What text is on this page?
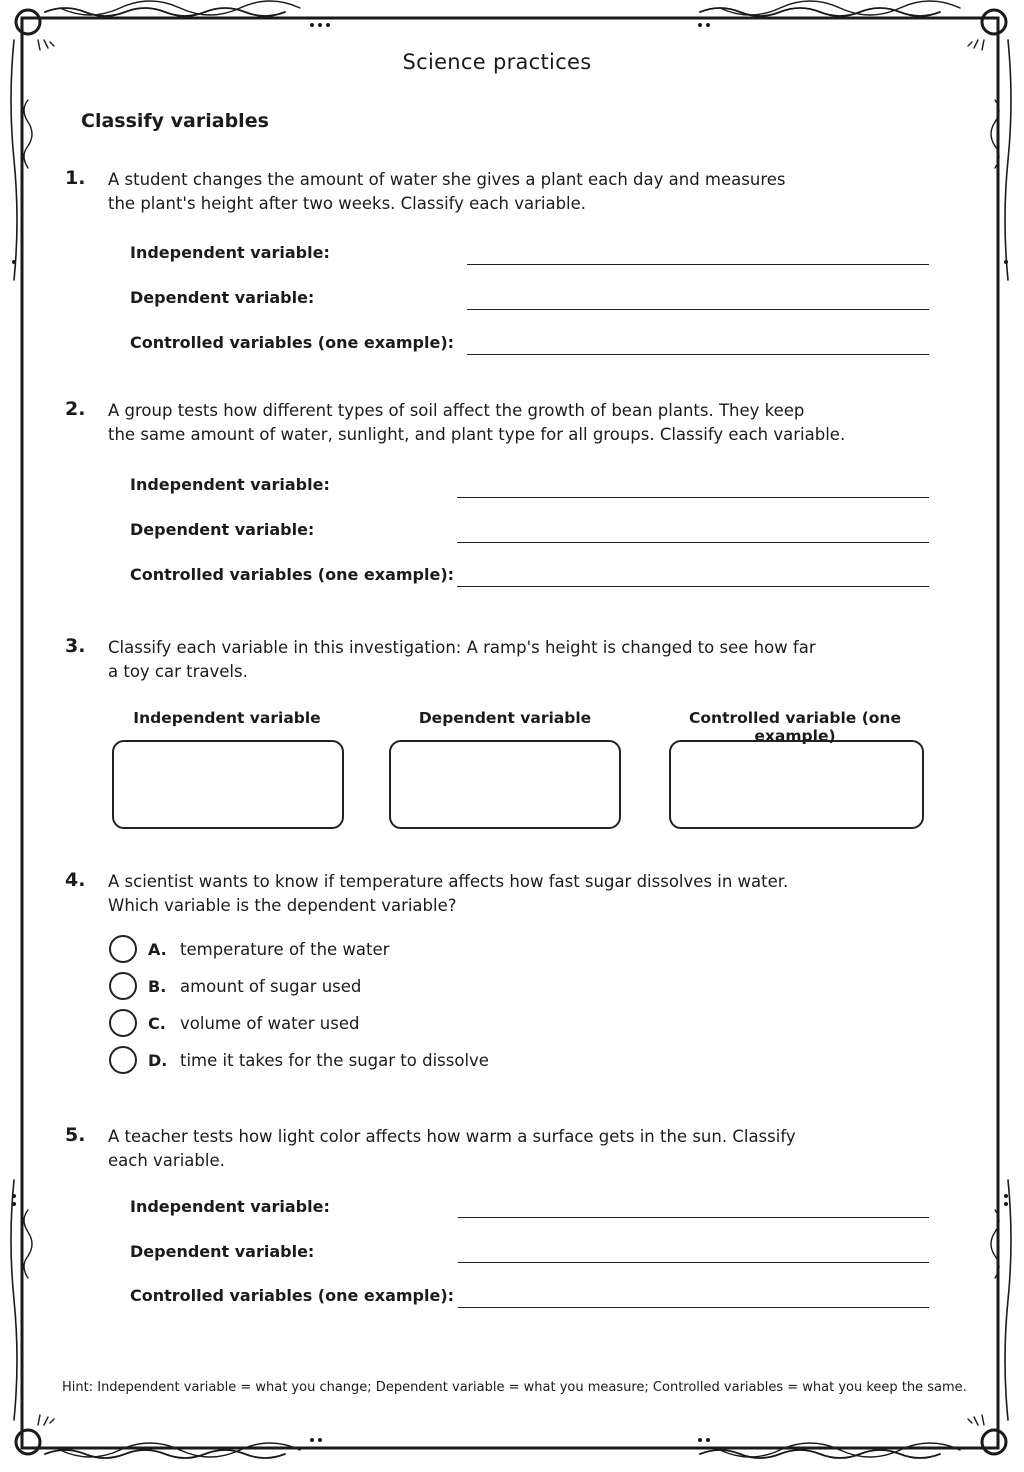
Science practices
Classify variables
1. A student changes the amount of water she gives a plant each day and measures
the plant's height after two weeks. Classify each variable.
Independent variable:
Dependent variable:
Controlled variables (one example):
2. A group tests how different types of soil affect the growth of bean plants. They keep
the same amount of water, sunlight, and plant type for all groups. Classify each variable.
Independent variable:
Dependent variable:
Controlled variables (one example):
3. Classify each variable in this investigation: A ramp's height is changed to see how far
a toy car travels.
Independent variable	Dependent variable	Controlled variable (one example)
4. A scientist wants to know if temperature affects how fast sugar dissolves in water.
Which variable is the dependent variable?
A. temperature of the water
B. amount of sugar used
C. volume of water used
D. time it takes for the sugar to dissolve
5. A teacher tests how light color affects how warm a surface gets in the sun. Classify
each variable.
Independent variable:
Dependent variable:
Controlled variables (one example):
Hint: Independent variable = what you change; Dependent variable = what you measure; Controlled variables = what you keep the same.
